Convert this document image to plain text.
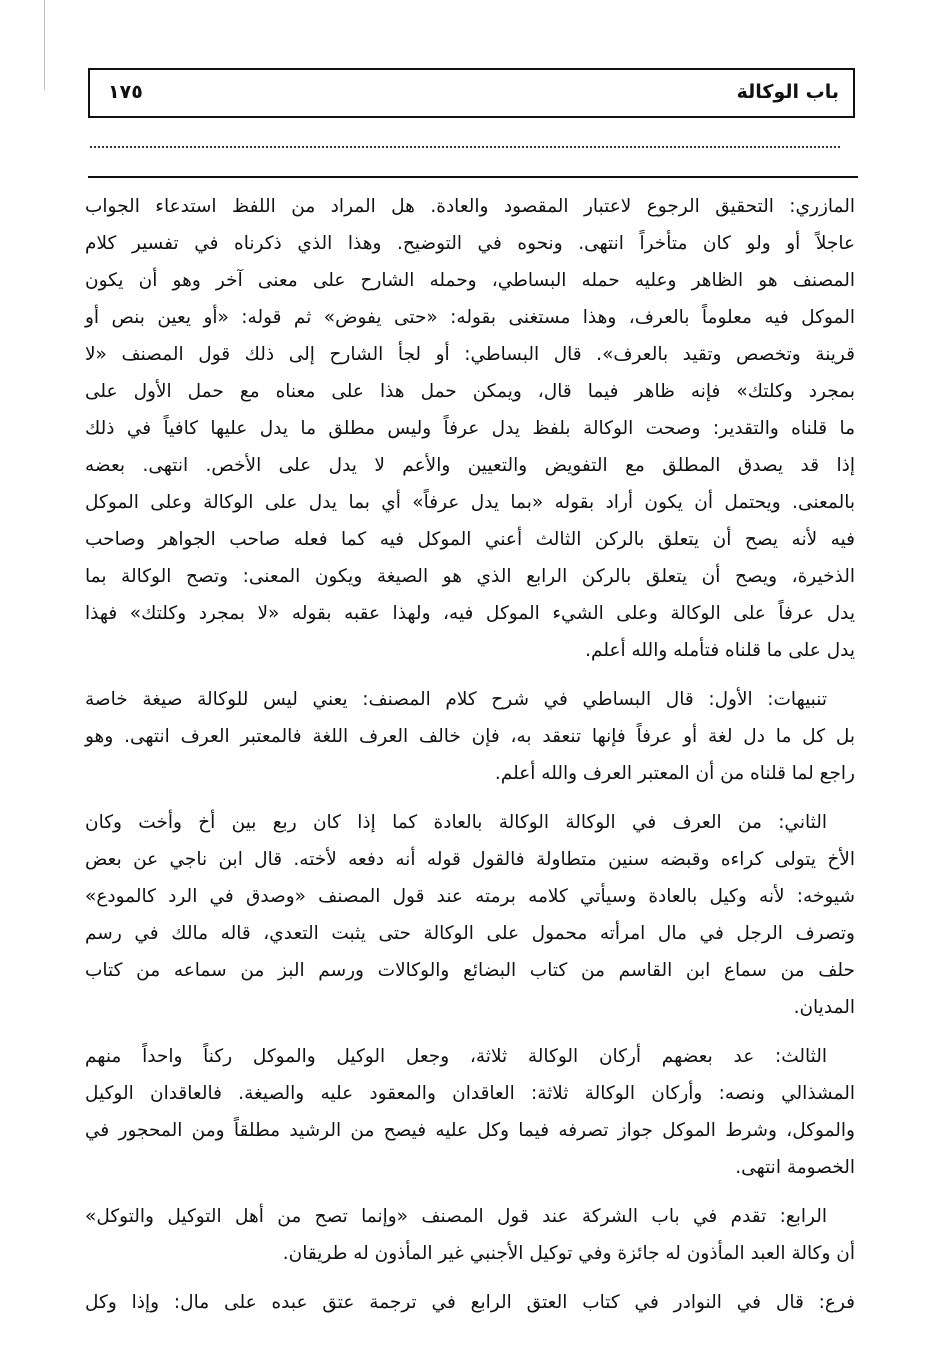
باب الوكالة
١٧٥
المازري: التحقيق الرجوع لاعتبار المقصود والعادة. هل المراد من اللفظ استدعاء الجواب
عاجلاً أو ولو كان متأخراً انتهى. ونحوه في التوضيح. وهذا الذي ذكرناه في تفسير كلام
المصنف هو الظاهر وعليه حمله البساطي، وحمله الشارح على معنى آخر وهو أن يكون
الموكل فيه معلوماً بالعرف، وهذا مستغنى بقوله: «حتى يفوض» ثم قوله: «أو يعين بنص أو
قرينة وتخصص وتقيد بالعرف». قال البساطي: أو لجأ الشارح إلى ذلك قول المصنف «لا
بمجرد وكلتك» فإنه ظاهر فيما قال، ويمكن حمل هذا على معناه مع حمل الأول على
ما قلناه والتقدير: وصحت الوكالة بلفظ يدل عرفاً وليس مطلق ما يدل عليها كافياً في ذلك
إذا قد يصدق المطلق مع التفويض والتعيين والأعم لا يدل على الأخص. انتهى. بعضه
بالمعنى. ويحتمل أن يكون أراد بقوله «بما يدل عرفاً» أي بما يدل على الوكالة وعلى الموكل
فيه لأنه يصح أن يتعلق بالركن الثالث أعني الموكل فيه كما فعله صاحب الجواهر وصاحب
الذخيرة، ويصح أن يتعلق بالركن الرابع الذي هو الصيغة ويكون المعنى: وتصح الوكالة بما
يدل عرفاً على الوكالة وعلى الشيء الموكل فيه، ولهذا عقبه بقوله «لا بمجرد وكلتك» فهذا
يدل على ما قلناه فتأمله والله أعلم.
تنبيهات: الأول: قال البساطي في شرح كلام المصنف: يعني ليس للوكالة صيغة خاصة
بل كل ما دل لغة أو عرفاً فإنها تنعقد به، فإن خالف العرف اللغة فالمعتبر العرف انتهى. وهو
راجع لما قلناه من أن المعتبر العرف والله أعلم.
الثاني: من العرف في الوكالة الوكالة بالعادة كما إذا كان ربع بين أخ وأخت وكان
الأخ يتولى كراءه وقبضه سنين متطاولة فالقول قوله أنه دفعه لأخته. قال ابن ناجي عن بعض
شيوخه: لأنه وكيل بالعادة وسيأتي كلامه برمته عند قول المصنف «وصدق في الرد كالمودع»
وتصرف الرجل في مال امرأته محمول على الوكالة حتى يثبت التعدي، قاله مالك في رسم
حلف من سماع ابن القاسم من كتاب البضائع والوكالات ورسم البز من سماعه من كتاب
المديان.
الثالث: عد بعضهم أركان الوكالة ثلاثة، وجعل الوكيل والموكل ركناً واحداً منهم
المشذالي ونصه: وأركان الوكالة ثلاثة: العاقدان والمعقود عليه والصيغة. فالعاقدان الوكيل
والموكل، وشرط الموكل جواز تصرفه فيما وكل عليه فيصح من الرشيد مطلقاً ومن المحجور في
الخصومة انتهى.
الرابع: تقدم في باب الشركة عند قول المصنف «وإنما تصح من أهل التوكيل والتوكل»
أن وكالة العبد المأذون له جائزة وفي توكيل الأجنبي غير المأذون له طريقان.
فرع: قال في النوادر في كتاب العتق الرابع في ترجمة عتق عبده على مال: وإذا وكل
